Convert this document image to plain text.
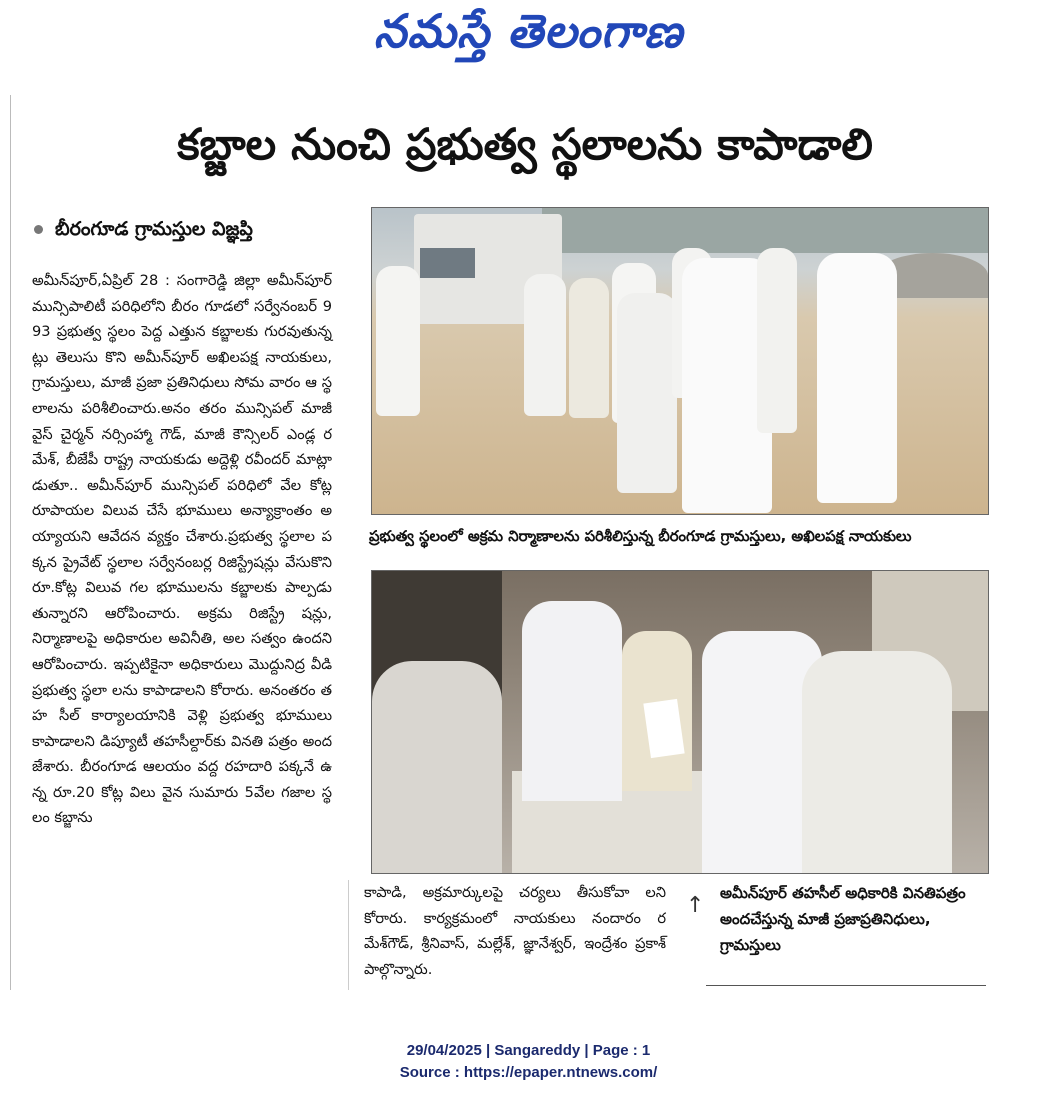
నమస్తే తెలంగాణ
కబ్జాల నుంచి ప్రభుత్వ స్థలాలను కాపాడాలి
బీరంగూడ గ్రామస్తుల విజ్ఞప్తి
అమీన్‌పూర్,ఏప్రిల్ 28 : సంగారెడ్డి జిల్లా అమీన్‌పూర్ మున్సిపాలిటీ పరిధిలోని బీరం గూడలో సర్వేనంబర్ 993 ప్రభుత్వ స్థలం పెద్ద ఎత్తున కబ్జాలకు గురవుతున్నట్లు తెలుసు కొని అమీన్‌పూర్ అఖిలపక్ష నాయకులు, గ్రామస్తులు, మాజీ ప్రజా ప్రతినిధులు సోమ వారం ఆ స్థలాలను పరిశీలించారు.అనం తరం మున్సిపల్ మాజీ వైస్ చైర్మన్ నర్సింహ్మా గౌడ్, మాజీ కౌన్సిలర్ ఎండ్ల రమేశ్, బీజేపీ రాష్ట్ర నాయకుడు అద్దెళ్లి రవీందర్ మాట్లా డుతూ.. అమీన్‌పూర్ మున్సిపల్ పరిధిలో వేల కోట్ల రూపాయల విలువ చేసే భూములు అన్యాక్రాంతం అయ్యాయని ఆవేదన వ్యక్తం చేశారు.ప్రభుత్వ స్థలాల పక్కన ప్రైవేట్ స్థలాల సర్వేనంబర్ల రిజిస్ట్రేషన్లు వేసుకొని రూ.కోట్ల విలువ గల భూములను కబ్జాలకు పాల్పడు తున్నారని ఆరోపించారు. అక్రమ రిజిస్ట్రే షన్లు,నిర్మాణాలపై అధికారుల అవినీతి, అల సత్వం ఉందని ఆరోపించారు. ఇప్పటికైనా అధికారులు మొద్దునిద్ర వీడి ప్రభుత్వ స్థలా లను కాపాడాలని కోరారు. అనంతరం తహ సీల్ కార్యాలయానికి వెళ్లి ప్రభుత్వ భూములు కాపాడాలని డిప్యూటీ తహసీల్దార్‌కు వినతి పత్రం అందజేశారు. బీరంగూడ ఆలయం వద్ద రహదారి పక్కనే ఉన్న రూ.20 కోట్ల విలు వైన సుమారు 5వేల గజాల స్థలం కబ్జాను
ప్రభుత్వ స్థలంలో అక్రమ నిర్మాణాలను పరిశీలిస్తున్న బీరంగూడ గ్రామస్తులు, అఖిలపక్ష నాయకులు
కాపాడి, అక్రమార్కులపై చర్యలు తీసుకోవా లని కోరారు. కార్యక్రమంలో నాయకులు నందారం రమేశ్‌గౌడ్, శ్రీనివాస్, మల్లేశ్, జ్ఞానేశ్వర్, ఇంద్రేశం ప్రకాశ్ పాల్గొన్నారు.
↑ అమీన్‌పూర్ తహసీల్ అధికారికి వినతిపత్రం అందచేస్తున్న మాజీ ప్రజాప్రతినిధులు, గ్రామస్తులు
29/04/2025 | Sangareddy | Page : 1
Source : https://epaper.ntnews.com/
